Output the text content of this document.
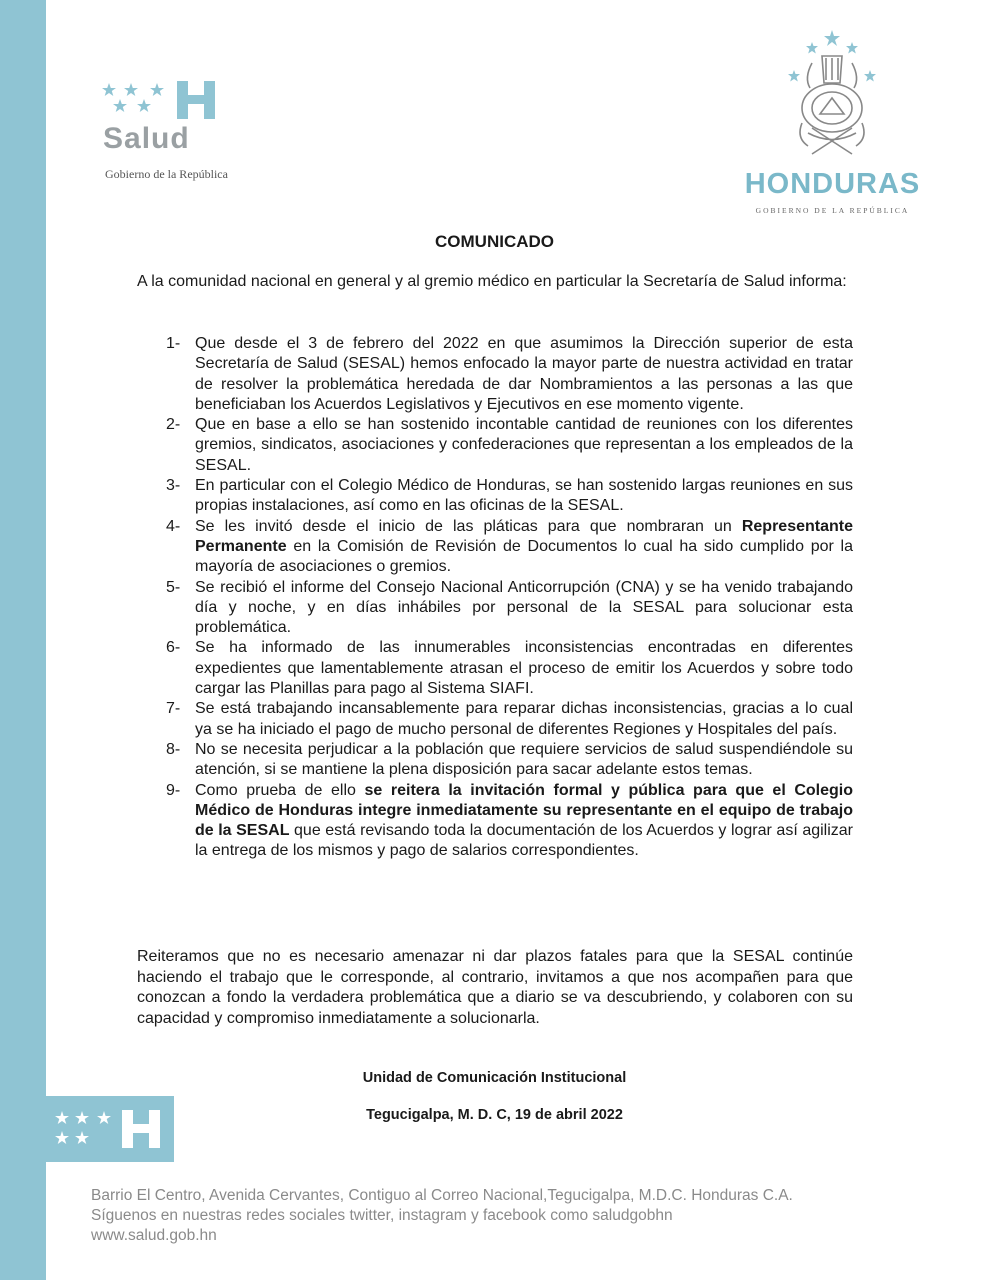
Salud
Gobierno de la República	HONDURAS
GOBIERNO DE LA REPÚBLICA
COMUNICADO
A la comunidad nacional en general y al gremio médico en particular la Secretaría de Salud informa:
1- Que desde el 3 de febrero del 2022 en que asumimos la Dirección superior de esta Secretaría de Salud (SESAL) hemos enfocado la mayor parte de nuestra actividad en tratar de resolver la problemática heredada de dar Nombramientos a las personas a las que beneficiaban los Acuerdos Legislativos y Ejecutivos en ese momento vigente.
2- Que en base a ello se han sostenido incontable cantidad de reuniones con los diferentes gremios, sindicatos, asociaciones y confederaciones que representan a los empleados de la SESAL.
3- En particular con el Colegio Médico de Honduras, se han sostenido largas reuniones en sus propias instalaciones, así como en las oficinas de la SESAL.
4- Se les invitó desde el inicio de las pláticas para que nombraran un Representante Permanente en la Comisión de Revisión de Documentos lo cual ha sido cumplido por la mayoría de asociaciones o gremios.
5- Se recibió el informe del Consejo Nacional Anticorrupción (CNA) y se ha venido trabajando día y noche, y en días inhábiles por personal de la SESAL para solucionar esta problemática.
6- Se ha informado de las innumerables inconsistencias encontradas en diferentes expedientes que lamentablemente atrasan el proceso de emitir los Acuerdos y sobre todo cargar las Planillas para pago al Sistema SIAFI.
7- Se está trabajando incansablemente para reparar dichas inconsistencias, gracias a lo cual ya se ha iniciado el pago de mucho personal de diferentes Regiones y Hospitales del país.
8- No se necesita perjudicar a la población que requiere servicios de salud suspendiéndole su atención, si se mantiene la plena disposición para sacar adelante estos temas.
9- Como prueba de ello se reitera la invitación formal y pública para que el Colegio Médico de Honduras integre inmediatamente su representante en el equipo de trabajo de la SESAL que está revisando toda la documentación de los Acuerdos y lograr así agilizar la entrega de los mismos y pago de salarios correspondientes.
Reiteramos que no es necesario amenazar ni dar plazos fatales para que la SESAL continúe haciendo el trabajo que le corresponde, al contrario, invitamos a que nos acompañen para que conozcan a fondo la verdadera problemática que a diario se va descubriendo, y colaboren con su capacidad y compromiso inmediatamente a solucionarla.
Unidad de Comunicación Institucional
Tegucigalpa, M. D. C, 19 de abril 2022
Barrio El Centro, Avenida Cervantes, Contiguo al Correo Nacional,Tegucigalpa, M.D.C. Honduras C.A.
Síguenos en nuestras redes sociales twitter, instagram y facebook como saludgobhn
www.salud.gob.hn
